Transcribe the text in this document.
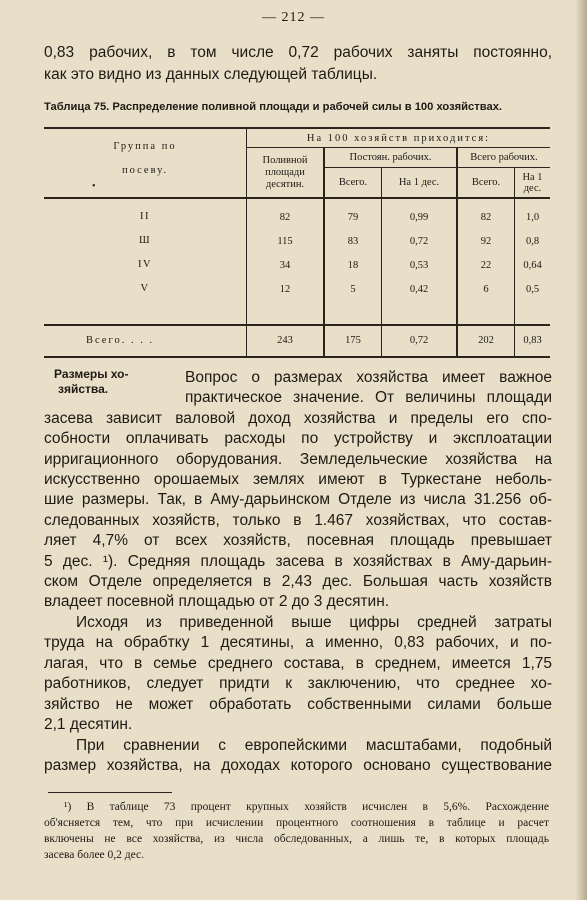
— 212 —
0,83 рабочих, в том числе 0,72 рабочих заняты постоянно,
как это видно из данных следующей таблицы.
Таблица 75. Распределение поливной площади и рабочей силы в 100 хозяйствах.
Группа по
посеву.
•	На 100 хозяйств приходится:				
	Поливной
площади
десятин.	Постоян. рабочих.		Всего рабочих.	
		Всего.	На 1 дес.	Всего.	На 1 дес.

II	82	79	0,99	82	1,0
Ш	115	83	0,72	92	0,8
IV	34	18	0,53	22	0,64
V	12	5	0,42	6	0,5

Всего. . . .	243	175	0,72	202	0,83
Размеры хо-
зяйства.
Вопрос о размерах хозяйства имеет важное
практическое значение. От величины площади
засева зависит валовой доход хозяйства и пределы его спо-
собности оплачивать расходы по устройству и эксплоатации
ирригационного оборудования. Земледельческие хозяйства на
искусственно орошаемых землях имеют в Туркестане неболь-
шие размеры. Так, в Аму-дарьинском Отделе из числа 31.256 об-
следованных хозяйств, только в 1.467 хозяйствах, что состав-
ляет 4,7% от всех хозяйств, посевная площадь превышает
5 дес. ¹). Средняя площадь засева в хозяйствах в Аму-дарьин-
ском Отделе определяется в 2,43 дес. Большая часть хозяйств
владеет посевной площадью от 2 до 3 десятин.
Исходя из приведенной выше цифры средней затраты
труда на обрабтку 1 десятины, а именно, 0,83 рабочих, и по-
лагая, что в семье среднего состава, в среднем, имеется 1,75
работников, следует придти к заключению, что среднее хо-
зяйство не может обработать собственными силами больше
2,1 десятин.
При сравнении с европейскими масштабами, подобный
размер хозяйства, на доходах которого основано существование
¹) В таблице 73 процент крупных хозяйств исчислен в 5,6%. Расхождение
об'ясняется тем, что при исчислении процентного соотношения в таблице и расчет
включены не все хозяйства, из числа обследованных, а лишь те, в которых площадь
засева более 0,2 дес.
